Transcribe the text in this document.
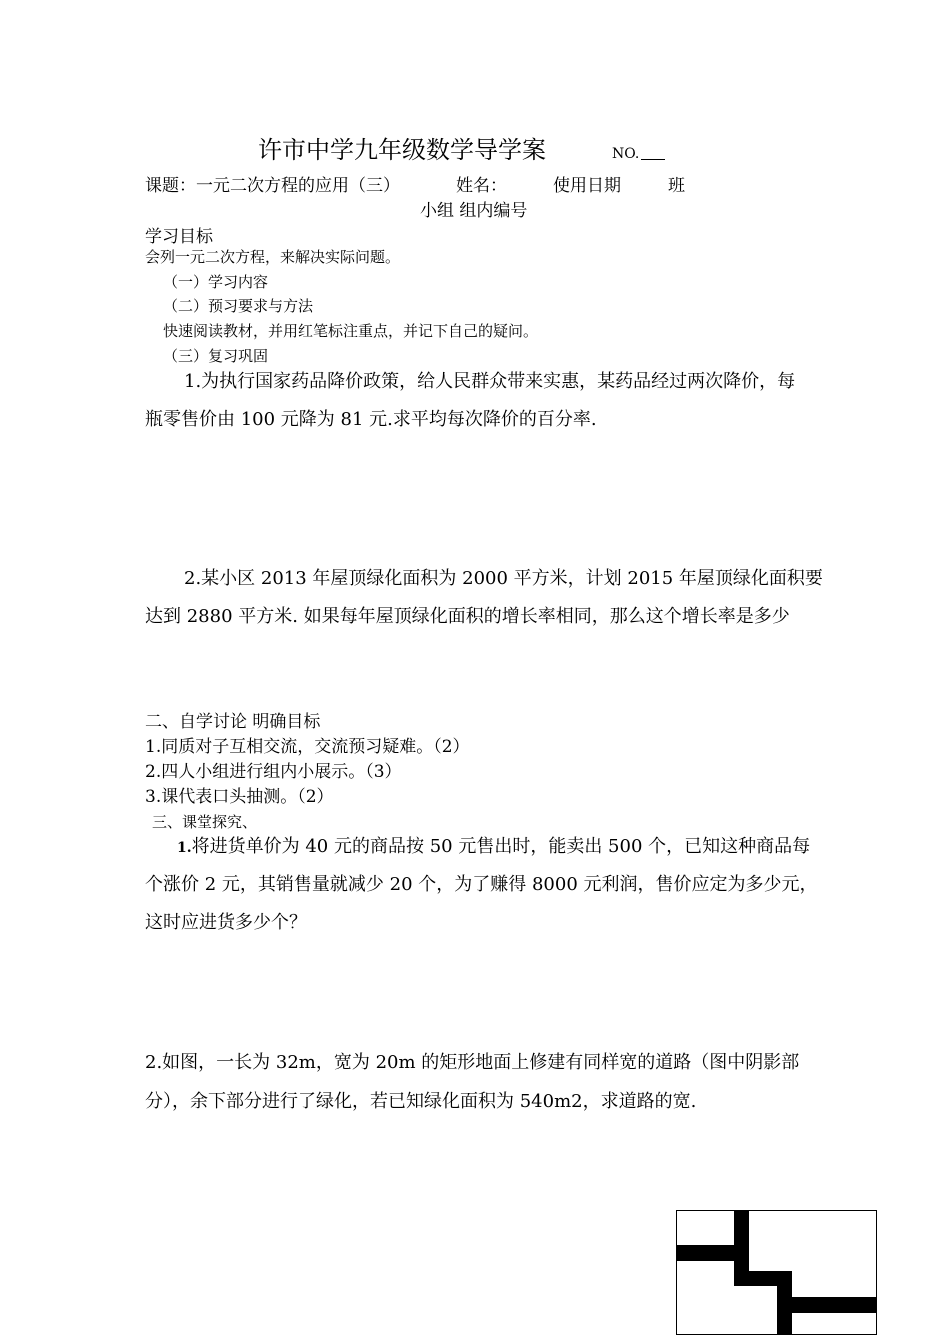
许市中学九年级数学导学案	NO.
课题：一元二次方程的应用（三）	姓名：	使用日期	班
小组 组内编号
学习目标
会列一元二次方程，来解决实际问题。
（一）学习内容
（二）预习要求与方法
快速阅读教材，并用红笔标注重点，并记下自己的疑问。
（三）复习巩固
1.为执行国家药品降价政策，给人民群众带来实惠，某药品经过两次降价，每
瓶零售价由 100 元降为 81 元.求平均每次降价的百分率.
2.某小区 2013 年屋顶绿化面积为 2000 平方米，计划 2015 年屋顶绿化面积要
达到 2880 平方米. 如果每年屋顶绿化面积的增长率相同，那么这个增长率是多少
二、自学讨论 明确目标
1.同质对子互相交流，交流预习疑难。（2）
2.四人小组进行组内小展示。（3）
3.课代表口头抽测。（2）
三、课堂探究、
1.将进货单价为 40 元的商品按 50 元售出时，能卖出 500 个，已知这种商品每
个涨价 2 元，其销售量就减少 20 个，为了赚得 8000 元利润，售价应定为多少元，
这时应进货多少个？
2.如图，一长为 32m，宽为 20m 的矩形地面上修建有同样宽的道路（图中阴影部
分），余下部分进行了绿化，若已知绿化面积为 540m2，求道路的宽.
